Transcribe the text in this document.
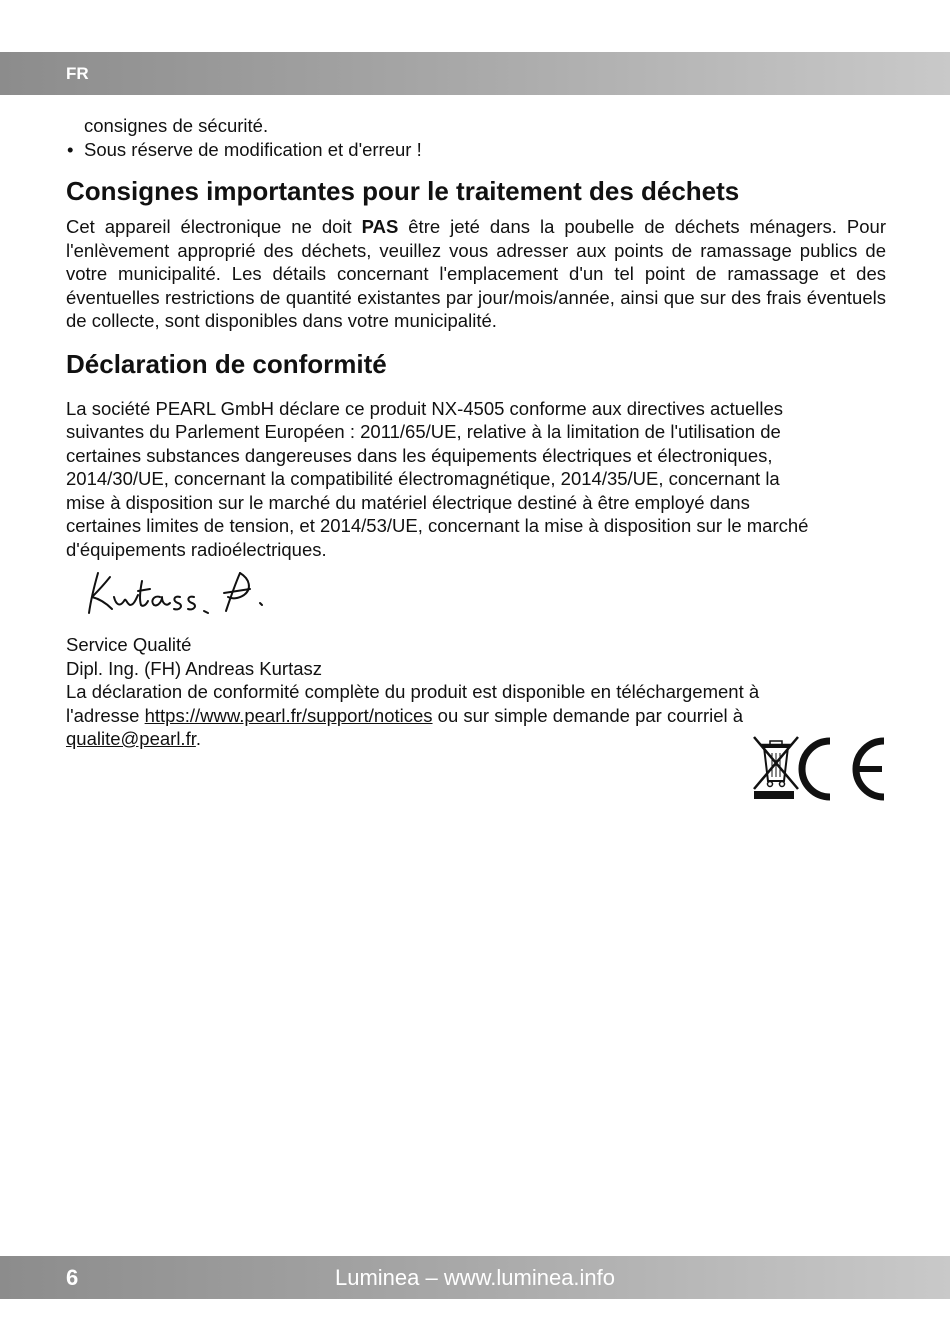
FR
consignes de sécurité.
• Sous réserve de modification et d'erreur !
Consignes importantes pour le traitement des déchets

Cet appareil électronique ne doit PAS être jeté dans la poubelle de déchets ménagers. Pour l'enlèvement approprié des déchets, veuillez vous adresser aux points de ramassage publics de votre municipalité. Les détails concernant l'emplacement d'un tel point de ramassage et des éventuelles restrictions de quantité existantes par jour/mois/année, ainsi que sur des frais éventuels de collecte, sont disponibles dans votre municipalité.

Déclaration de conformité
La société PEARL GmbH déclare ce produit NX-4505 conforme aux directives actuelles
suivantes du Parlement Européen : 2011/65/UE, relative à la limitation de l'utilisation de
certaines substances dangereuses dans les équipements électriques et électroniques,
2014/30/UE, concernant la compatibilité électromagnétique, 2014/35/UE, concernant la
mise à disposition sur le marché du matériel électrique destiné à être employé dans
certaines limites de tension, et 2014/53/UE, concernant la mise à disposition sur le marché
d'équipements radioélectriques.
Service Qualité
Dipl. Ing. (FH) Andreas Kurtasz
La déclaration de conformité complète du produit est disponible en téléchargement à
l'adresse https://www.pearl.fr/support/notices ou sur simple demande par courriel à
qualite@pearl.fr.
6	Luminea – www.luminea.info
